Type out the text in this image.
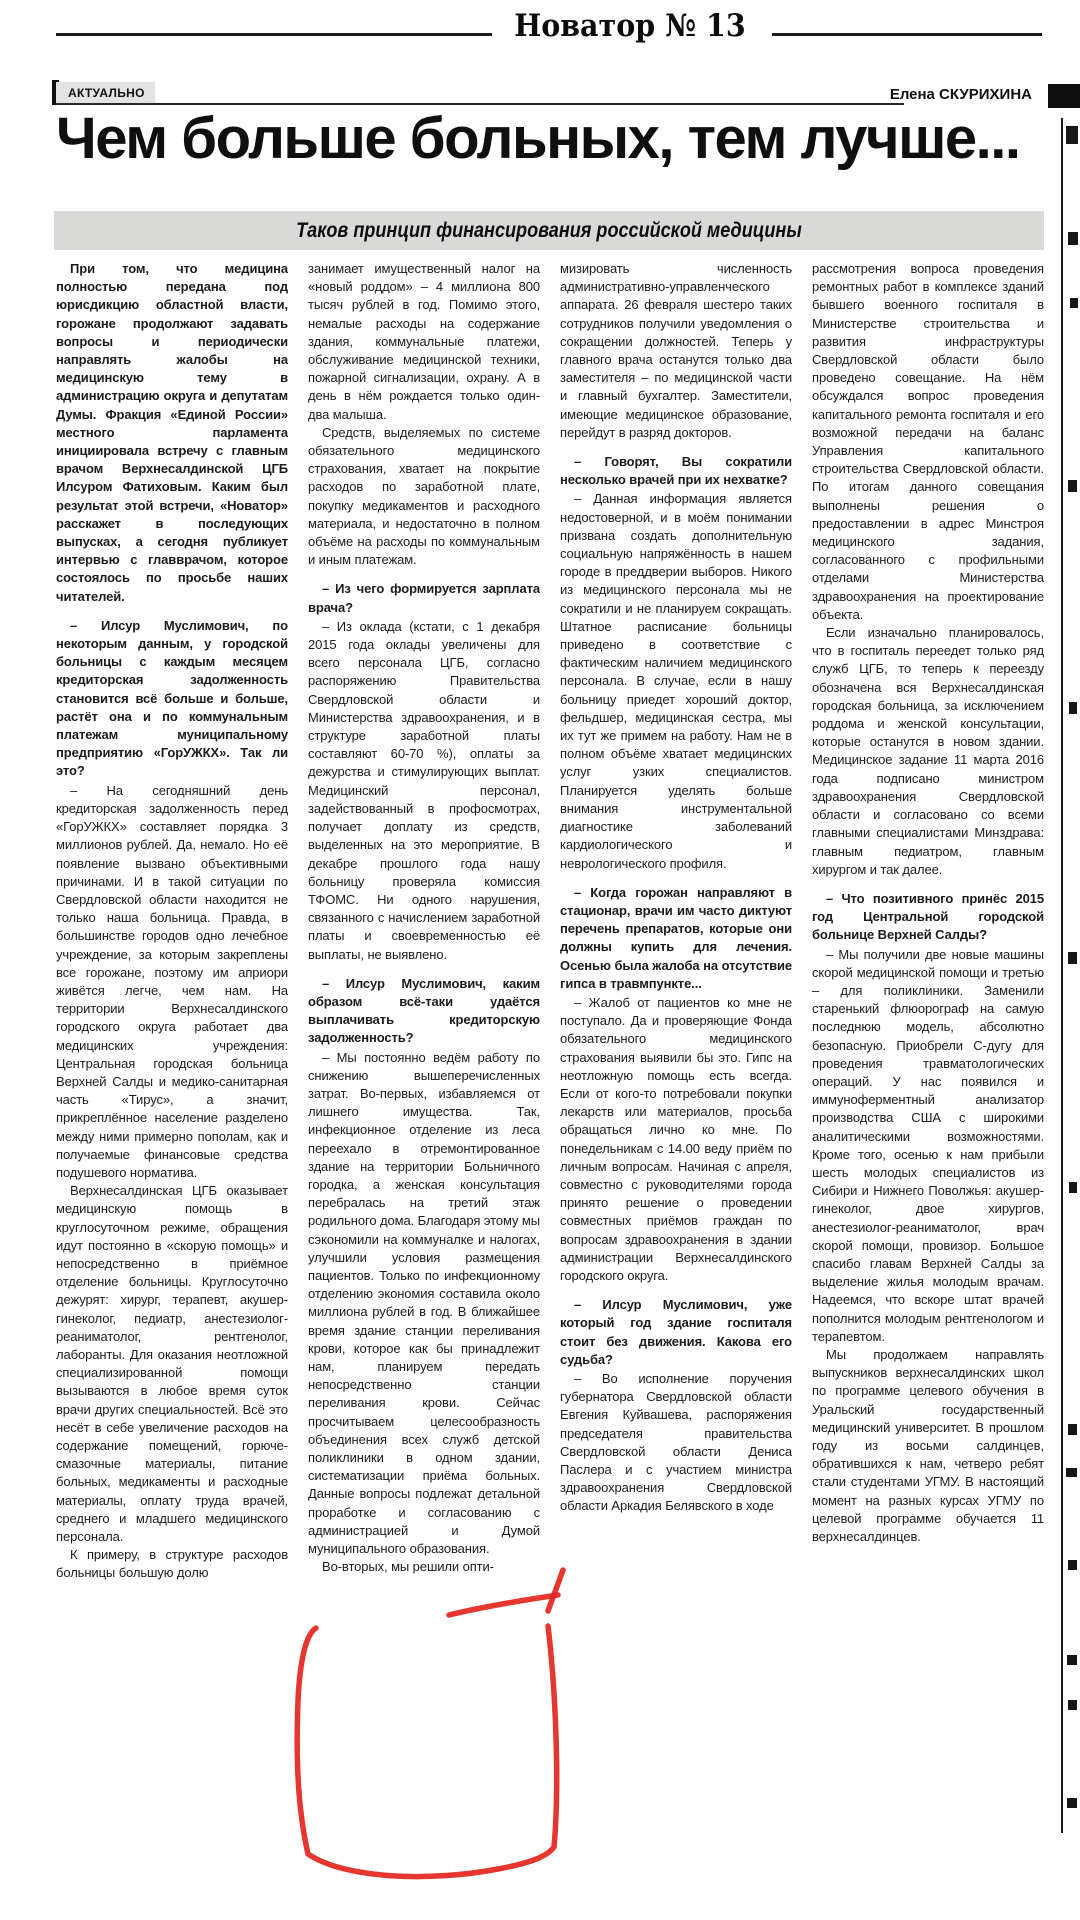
Новатор № 13
АКТУАЛЬНО	Елена СКУРИХИНА
Чем больше больных, тем лучше...
Таков принцип финансирования российской медицины

При том, что медицина полностью передана под юрисдикцию областной власти, горожане продолжают задавать вопросы и периодически направлять жалобы на медицинскую тему в администрацию округа и депутатам Думы. Фракция «Единой России» местного парламента инициировала встречу с главным врачом Верхнесалдинской ЦГБ Илсуром Фатиховым. Каким был результат этой встречи, «Новатор» расскажет в последующих выпусках, а сегодня публикует интервью с главврачом, которое состоялось по просьбе наших читателей.

– Илсур Муслимович, по некоторым данным, у городской больницы с каждым месяцем кредиторская задолженность становится всё больше и больше, растёт она и по коммунальным платежам муниципальному предприятию «ГорУЖКХ». Так ли это?

– На сегодняшний день кредиторская задолженность перед «ГорУЖКХ» составляет порядка 3 миллионов рублей. Да, немало. Но её появление вызвано объективными причинами. И в такой ситуации по Свердловской области находится не только наша больница. Правда, в большинстве городов одно лечебное учреждение, за которым закреплены все горожане, поэтому им априори живётся легче, чем нам. На территории Верхнесалдинского городского округа работает два медицинских учреждения: Центральная городская больница Верхней Салды и медико-санитарная часть «Тирус», а значит, прикреплённое население разделено между ними примерно пополам, как и получаемые финансовые средства подушевого норматива.

Верхнесалдинская ЦГБ оказывает медицинскую помощь в круглосуточном режиме, обращения идут постоянно в «скорую помощь» и непосредственно в приёмное отделение больницы. Круглосуточно дежурят: хирург, терапевт, акушер-гинеколог, педиатр, анестезиолог-реаниматолог, рентгенолог, лаборанты. Для оказания неотложной специализированной помощи вызываются в любое время суток врачи других специальностей. Всё это несёт в себе увеличение расходов на содержание помещений, горюче-смазочные материалы, питание больных, медикаменты и расходные материалы, оплату труда врачей, среднего и младшего медицинского персонала.

К примеру, в структуре расходов больницы большую долю

занимает имущественный налог на «новый роддом» – 4 миллиона 800 тысяч рублей в год. Помимо этого, немалые расходы на содержание здания, коммунальные платежи, обслуживание медицинской техники, пожарной сигнализации, охрану. А в день в нём рождается только один-два малыша.

Средств, выделяемых по системе обязательного медицинского страхования, хватает на покрытие расходов по заработной плате, покупку медикаментов и расходного материала, и недостаточно в полном объёме на расходы по коммунальным и иным платежам.

– Из чего формируется зарплата врача?

– Из оклада (кстати, с 1 декабря 2015 года оклады увеличены для всего персонала ЦГБ, согласно распоряжению Правительства Свердловской области и Министерства здравоохранения, и в структуре заработной платы составляют 60-70 %), оплаты за дежурства и стимулирующих выплат. Медицинский персонал, задействованный в профосмотрах, получает доплату из средств, выделенных на это мероприятие. В декабре прошлого года нашу больницу проверяла комиссия ТФОМС. Ни одного нарушения, связанного с начислением заработной платы и своевременностью её выплаты, не выявлено.

– Илсур Муслимович, каким образом всё-таки удаётся выплачивать кредиторскую задолженность?

– Мы постоянно ведём работу по снижению вышеперечисленных затрат. Во-первых, избавляемся от лишнего имущества. Так, инфекционное отделение из леса переехало в отремонтированное здание на территории Больничного городка, а женская консультация перебралась на третий этаж родильного дома. Благодаря этому мы сэкономили на коммуналке и налогах, улучшили условия размещения пациентов. Только по инфекционному отделению экономия составила около миллиона рублей в год. В ближайшее время здание станции переливания крови, которое как бы принадлежит нам, планируем передать непосредственно станции переливания крови. Сейчас просчитываем целесообразность объединения всех служб детской поликлиники в одном здании, систематизации приёма больных. Данные вопросы подлежат детальной проработке и согласованию с администрацией и Думой муниципального образования.

Во-вторых, мы решили опти-

мизировать численность административно-управленческого аппарата. 26 февраля шестеро таких сотрудников получили уведомления о сокращении должностей. Теперь у главного врача останутся только два заместителя – по медицинской части и главный бухгалтер. Заместители, имеющие медицинское образование, перейдут в разряд докторов.

– Говорят, Вы сократили несколько врачей при их нехватке?

– Данная информация является недостоверной, и в моём понимании призвана создать дополнительную социальную напряжённость в нашем городе в преддверии выборов. Никого из медицинского персонала мы не сократили и не планируем сокращать. Штатное расписание больницы приведено в соответствие с фактическим наличием медицинского персонала. В случае, если в нашу больницу приедет хороший доктор, фельдшер, медицинская сестра, мы их тут же примем на работу. Нам не в полном объёме хватает медицинских услуг узких специалистов. Планируется уделять больше внимания инструментальной диагностике заболеваний кардиологического и неврологического профиля.

– Когда горожан направляют в стационар, врачи им часто диктуют перечень препаратов, которые они должны купить для лечения. Осенью была жалоба на отсутствие гипса в травмпункте...

– Жалоб от пациентов ко мне не поступало. Да и проверяющие Фонда обязательного медицинского страхования выявили бы это. Гипс на неотложную помощь есть всегда. Если от кого-то потребовали покупки лекарств или материалов, просьба обращаться лично ко мне. По понедельникам с 14.00 веду приём по личным вопросам. Начиная с апреля, совместно с руководителями города принято решение о проведении совместных приёмов граждан по вопросам здравоохранения в здании администрации Верхнесалдинского городского округа.

– Илсур Муслимович, уже который год здание госпиталя стоит без движения. Какова его судьба?

– Во исполнение поручения губернатора Свердловской области Евгения Куйвашева, распоряжения председателя правительства Свердловской области Дениса Паслера и с участием министра здравоохранения Свердловской области Аркадия Белявского в ходе

рассмотрения вопроса проведения ремонтных работ в комплексе зданий бывшего военного госпиталя в Министерстве строительства и развития инфраструктуры Свердловской области было проведено совещание. На нём обсуждался вопрос проведения капитального ремонта госпиталя и его возможной передачи на баланс Управления капитального строительства Свердловской области. По итогам данного совещания выполнены решения о предоставлении в адрес Минстроя медицинского задания, согласованного с профильными отделами Министерства здравоохранения на проектирование объекта.

Если изначально планировалось, что в госпиталь переедет только ряд служб ЦГБ, то теперь к переезду обозначена вся Верхнесалдинская городская больница, за исключением роддома и женской консультации, которые останутся в новом здании. Медицинское задание 11 марта 2016 года подписано министром здравоохранения Свердловской области и согласовано со всеми главными специалистами Минздрава: главным педиатром, главным хирургом и так далее.

– Что позитивного принёс 2015 год Центральной городской больнице Верхней Салды?

– Мы получили две новые машины скорой медицинской помощи и третью – для поликлиники. Заменили старенький флюорограф на самую последнюю модель, абсолютно безопасную. Приобрели С-дугу для проведения травматологических операций. У нас появился и иммуноферментный анализатор производства США с широкими аналитическими возможностями. Кроме того, осенью к нам прибыли шесть молодых специалистов из Сибири и Нижнего Поволжья: акушер-гинеколог, двое хирургов, анестезиолог-реаниматолог, врач скорой помощи, провизор. Большое спасибо главам Верхней Салды за выделение жилья молодым врачам. Надеемся, что вскоре штат врачей пополнится молодым рентгенологом и терапевтом.

Мы продолжаем направлять выпускников верхнесалдинских школ по программе целевого обучения в Уральский государственный медицинский университет. В прошлом году из восьми салдинцев, обратившихся к нам, четверо ребят стали студентами УГМУ. В настоящий момент на разных курсах УГМУ по целевой программе обучается 11 верхнесалдинцев.
